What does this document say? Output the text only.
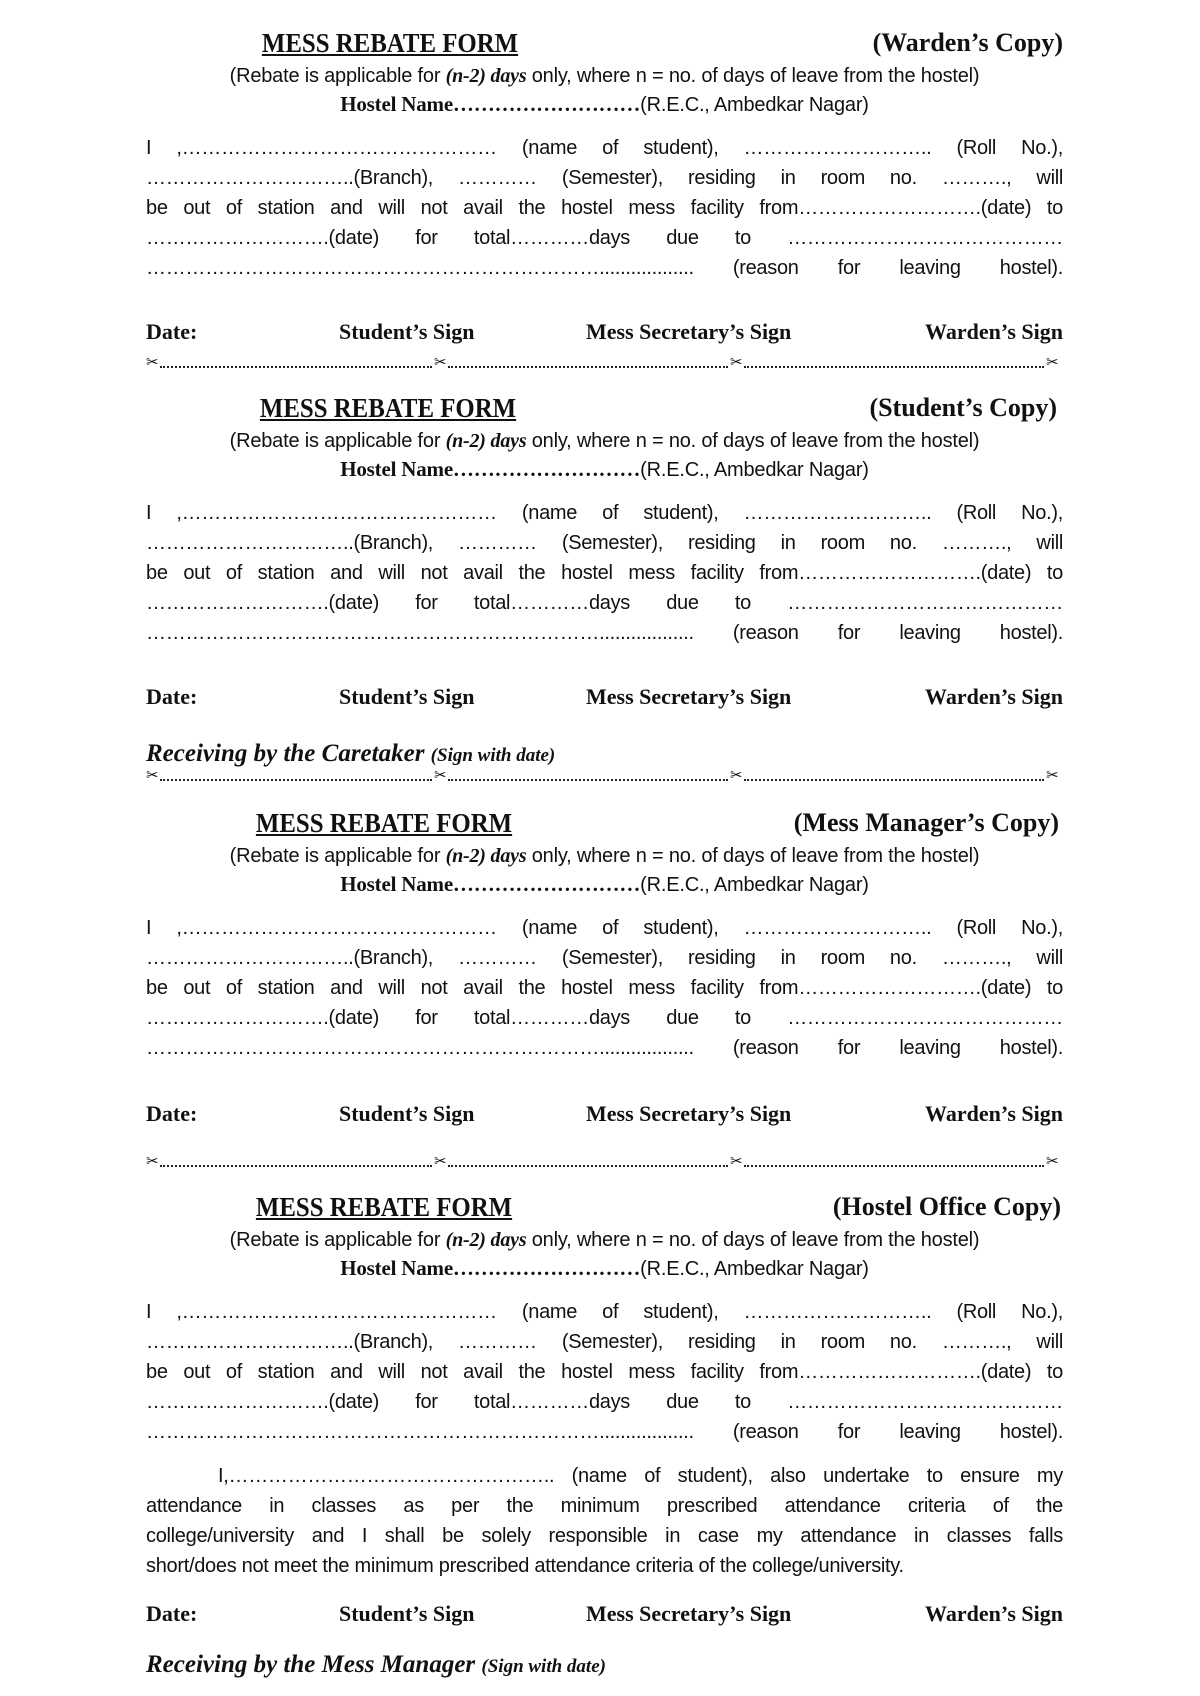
MESS REBATE FORM	(Warden’s Copy)
(Rebate is applicable for (n-2) days only, where n = no. of days of leave from the hostel)
Hostel Name………………………(R.E.C., Ambedkar Nagar)
I ,………………………………………… (name of student), ……………………….. (Roll No.),
…………………………..(Branch), ………… (Semester), residing in room no. ………., will
be out of station and will not avail the hostel mess facility from……………………….(date) to
……………………….(date) for total…………days due to ……………………………………
…………………………………………………………….................. (reason for leaving hostel).
Date:	Student’s Sign	Mess Secretary’s Sign	Warden’s Sign
✂	✂	✂	✂
MESS REBATE FORM	(Student’s Copy)
(Rebate is applicable for (n-2) days only, where n = no. of days of leave from the hostel)
Hostel Name………………………(R.E.C., Ambedkar Nagar)
I ,………………………………………… (name of student), ……………………….. (Roll No.),
…………………………..(Branch), ………… (Semester), residing in room no. ………., will
be out of station and will not avail the hostel mess facility from……………………….(date) to
……………………….(date) for total…………days due to ……………………………………
…………………………………………………………….................. (reason for leaving hostel).
Date:	Student’s Sign	Mess Secretary’s Sign	Warden’s Sign
Receiving by the Caretaker (Sign with date)
✂	✂	✂	✂
MESS REBATE FORM	(Mess Manager’s Copy)
(Rebate is applicable for (n-2) days only, where n = no. of days of leave from the hostel)
Hostel Name………………………(R.E.C., Ambedkar Nagar)
I ,………………………………………… (name of student), ……………………….. (Roll No.),
…………………………..(Branch), ………… (Semester), residing in room no. ………., will
be out of station and will not avail the hostel mess facility from……………………….(date) to
……………………….(date) for total…………days due to ……………………………………
…………………………………………………………….................. (reason for leaving hostel).
Date:	Student’s Sign	Mess Secretary’s Sign	Warden’s Sign
✂	✂	✂	✂
MESS REBATE FORM	(Hostel Office Copy)
(Rebate is applicable for (n-2) days only, where n = no. of days of leave from the hostel)
Hostel Name………………………(R.E.C., Ambedkar Nagar)
I ,………………………………………… (name of student), ……………………….. (Roll No.),
…………………………..(Branch), ………… (Semester), residing in room no. ………., will
be out of station and will not avail the hostel mess facility from……………………….(date) to
……………………….(date) for total…………days due to ……………………………………
…………………………………………………………….................. (reason for leaving hostel).
I,………………………………………….. (name of student), also undertake to ensure my
attendance in classes as per the minimum prescribed attendance criteria of the
college/university and I shall be solely responsible in case my attendance in classes falls
short/does not meet the minimum prescribed attendance criteria of the college/university.
Date:	Student’s Sign	Mess Secretary’s Sign	Warden’s Sign
Receiving by the Mess Manager (Sign with date)
